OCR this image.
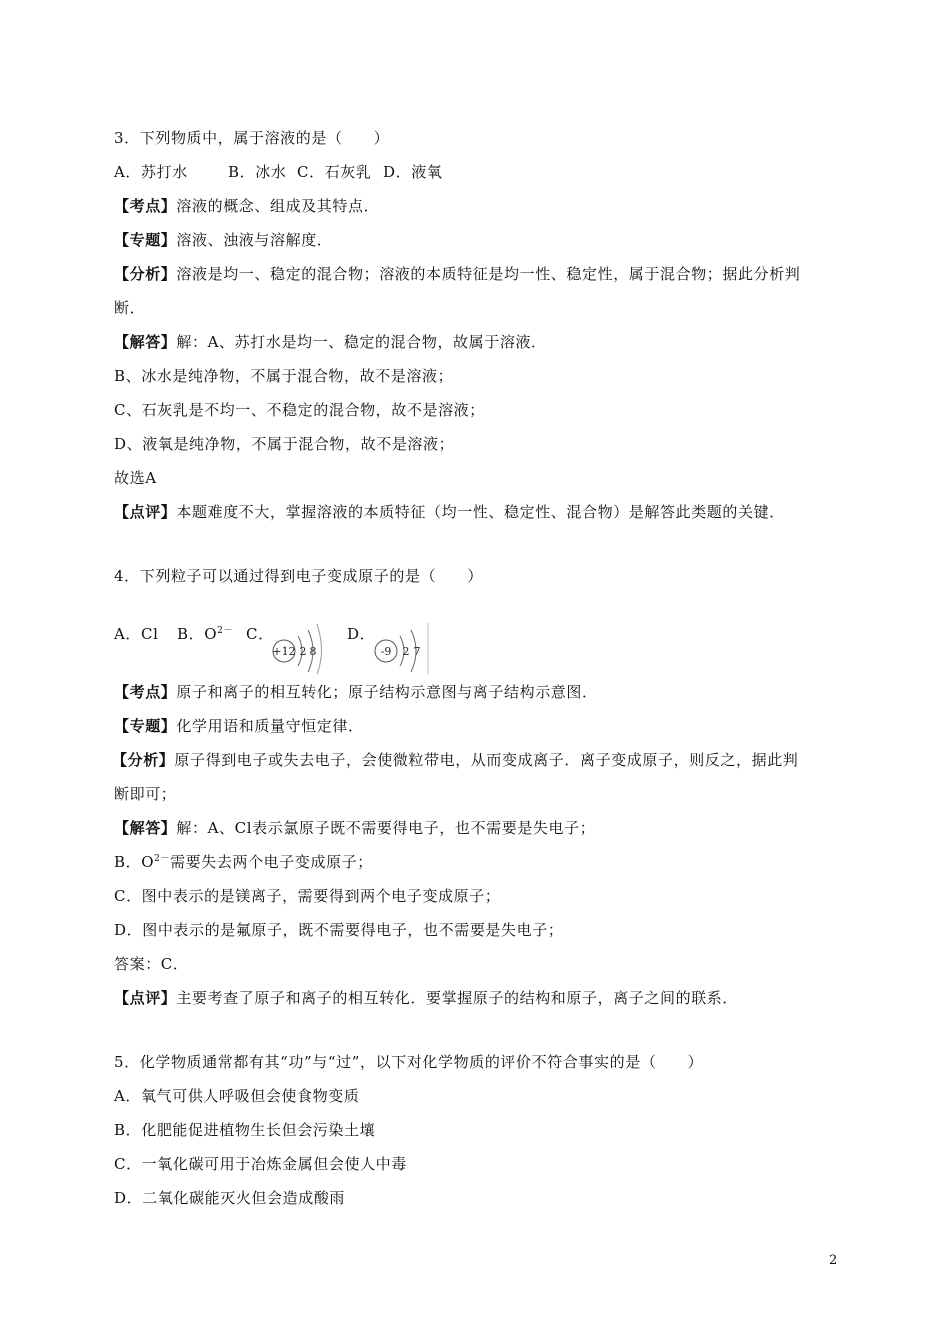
3．下列物质中，属于溶液的是（　　）
A．苏打水	B．冰水 C．石灰乳 D．液氧
【考点】溶液的概念、组成及其特点．
【专题】溶液、浊液与溶解度．
【分析】溶液是均一、稳定的混合物；溶液的本质特征是均一性、稳定性，属于混合物；据此分析判
断．
【解答】解：A、苏打水是均一、稳定的混合物，故属于溶液．
B、冰水是纯净物，不属于混合物，故不是溶液；
C、石灰乳是不均一、不稳定的混合物，故不是溶液；
D、液氧是纯净物，不属于混合物，故不是溶液；
故选A
【点评】本题难度不大，掌握溶液的本质特征（均一性、稳定性、混合物）是解答此类题的关键．
4．下列粒子可以通过得到电子变成原子的是（　　）
A．Cl B．$O^{2-}$ C．	D．
+12 2 8	-9 2 7
【考点】原子和离子的相互转化；原子结构示意图与离子结构示意图．
【专题】化学用语和质量守恒定律．
【分析】原子得到电子或失去电子，会使微粒带电，从而变成离子．离子变成原子，则反之，据此判
断即可；
【解答】解：A、Cl表示氯原子既不需要得电子，也不需要是失电子；
B．$O^{2-}$需要失去两个电子变成原子；
C．图中表示的是镁离子，需要得到两个电子变成原子；
D．图中表示的是氟原子，既不需要得电子，也不需要是失电子；
答案：C．
【点评】主要考查了原子和离子的相互转化．要掌握原子的结构和原子，离子之间的联系．
5．化学物质通常都有其“功”与“过”，以下对化学物质的评价不符合事实的是（　　）
A．氧气可供人呼吸但会使食物变质
B．化肥能促进植物生长但会污染土壤
C．一氧化碳可用于冶炼金属但会使人中毒
D．二氧化碳能灭火但会造成酸雨
2
